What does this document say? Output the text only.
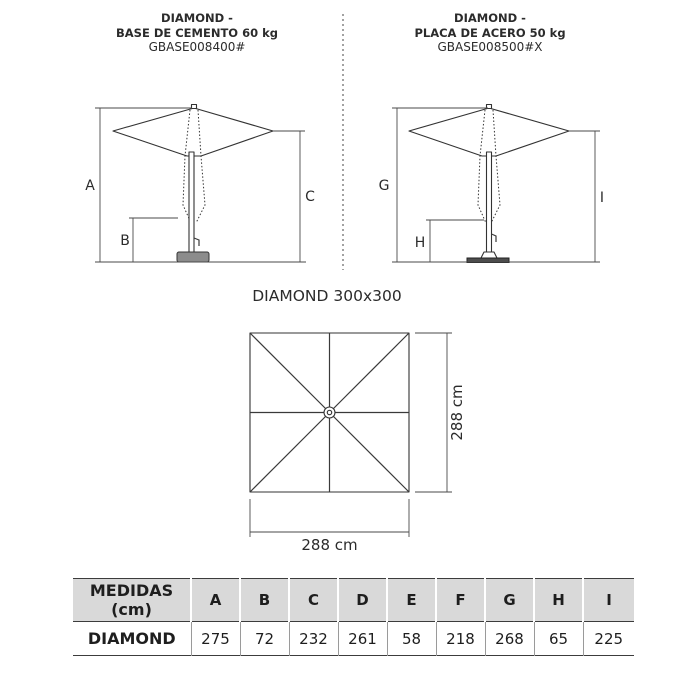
DIAMOND -
BASE DE CEMENTO 60 kg
GBASE008400#
DIAMOND -
PLACA DE ACERO 50 kg
GBASE008500#X
A
B
C
G
H
I
DIAMOND 300x300
288 cm
288 cm
MEDIDAS
(cm)	A	B	C	D	E	F	G	H	I
DIAMOND	275	72	232	261	58	218	268	65	225
